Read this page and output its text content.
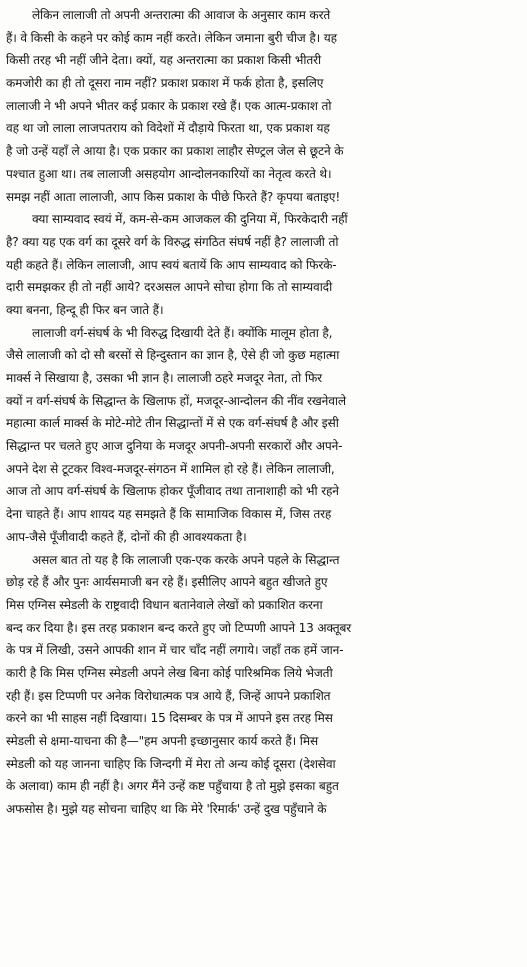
लेकिन लालाजी तो अपनी अन्तरात्मा की आवाज के अनुसार काम करते
हैं। वे किसी के कहने पर कोई काम नहीं करते। लेकिन जमाना बुरी चीज है। यह
किसी तरह भी नहीं जीने देता। क्यों, यह अन्तरात्मा का प्रकाश किसी भीतरी
कमजोरी का ही तो दूसरा नाम नहीं? प्रकाश प्रकाश में फर्क होता है, इसलिए
लालाजी ने भी अपने भीतर कई प्रकार के प्रकाश रखे हैं। एक आत्म-प्रकाश तो
वह था जो लाला लाजपतराय को विदेशों में दौड़ाये फिरता था, एक प्रकाश यह
है जो उन्हें यहाँ ले आया है। एक प्रकार का प्रकाश लाहौर सेण्ट्रल जेल से छूटने के
पश्चात हुआ था। तब लालाजी असहयोग आन्दोलनकारियों का नेतृत्व करते थे।
समझ नहीं आता लालाजी, आप किस प्रकाश के पीछे फिरते हैं? कृपया बताइए!
क्या साम्यवाद स्वयं में, कम-से-कम आजकल की दुनिया में, फिरकेदारी नहीं
है? क्या यह एक वर्ग का दूसरे वर्ग के विरुद्ध संगठित संघर्ष नहीं है? लालाजी तो
यही कहते हैं। लेकिन लालाजी, आप स्वयं बतायें कि आप साम्यवाद को फिरके-
दारी समझकर ही तो नहीं आये? दरअसल आपने सोचा होगा कि तो साम्यवादी
क्या बनना, हिन्दू ही फिर बन जाते हैं।
लालाजी वर्ग-संघर्ष के भी विरुद्ध दिखायी देते हैं। क्योंकि मालूम होता है,
जैसे लालाजी को दो सौ बरसों से हिन्दुस्तान का ज्ञान है, ऐसे ही जो कुछ महात्मा
मार्क्स ने सिखाया है, उसका भी ज्ञान है। लालाजी ठहरे मजदूर नेता, तो फिर
क्यों न वर्ग-संघर्ष के सिद्धान्त के खिलाफ हों, मजदूर-आन्दोलन की नींव रखनेवाले
महात्मा कार्ल मार्क्स के मोटे-मोटे तीन सिद्धान्तों में से एक वर्ग-संघर्ष है और इसी
सिद्धान्त पर चलते हुए आज दुनिया के मजदूर अपनी-अपनी सरकारों और अपने-
अपने देश से टूटकर विश्व-मजदूर-संगठन में शामिल हो रहे हैं। लेकिन लालाजी,
आज तो आप वर्ग-संघर्ष के खिलाफ होकर पूँजीवाद तथा तानाशाही को भी रहने
देना चाहते हैं। आप शायद यह समझते हैं कि सामाजिक विकास में, जिस तरह
आप-जैसे पूँजीवादी कहते हैं, दोनों की ही आवश्यकता है।
असल बात तो यह है कि लालाजी एक-एक करके अपने पहले के सिद्धान्त
छोड़ रहे हैं और पुनः आर्यसमाजी बन रहे हैं। इसीलिए आपने बहुत खीजते हुए
मिस एग्निस स्मेडली के राष्ट्रवादी विधान बतानेवाले लेखों को प्रकाशित करना
बन्द कर दिया है। इस तरह प्रकाशन बन्द करते हुए जो टिप्पणी आपने 13 अक्तूबर
के पत्र में लिखी, उसने आपकी शान में चार चाँद नहीं लगाये। जहाँ तक हमें जान-
कारी है कि मिस एग्निस स्मेडली अपने लेख बिना कोई पारिश्रमिक लिये भेजती
रही हैं। इस टिप्पणी पर अनेक विरोधात्मक पत्र आये हैं, जिन्हें आपने प्रकाशित
करने का भी साहस नहीं दिखाया। 15 दिसम्बर के पत्र में आपने इस तरह मिस
स्मेडली से क्षमा-याचना की है—"हम अपनी इच्छानुसार कार्य करते हैं। मिस
स्मेडली को यह जानना चाहिए कि जिन्दगी में मेरा तो अन्य कोई दूसरा (देशसेवा
के अलावा) काम ही नहीं है। अगर मैंने उन्हें कष्ट पहुँचाया है तो मुझे इसका बहुत
अफसोस है। मुझे यह सोचना चाहिए था कि मेरे 'रिमार्क' उन्हें दुख पहुँचाने के
